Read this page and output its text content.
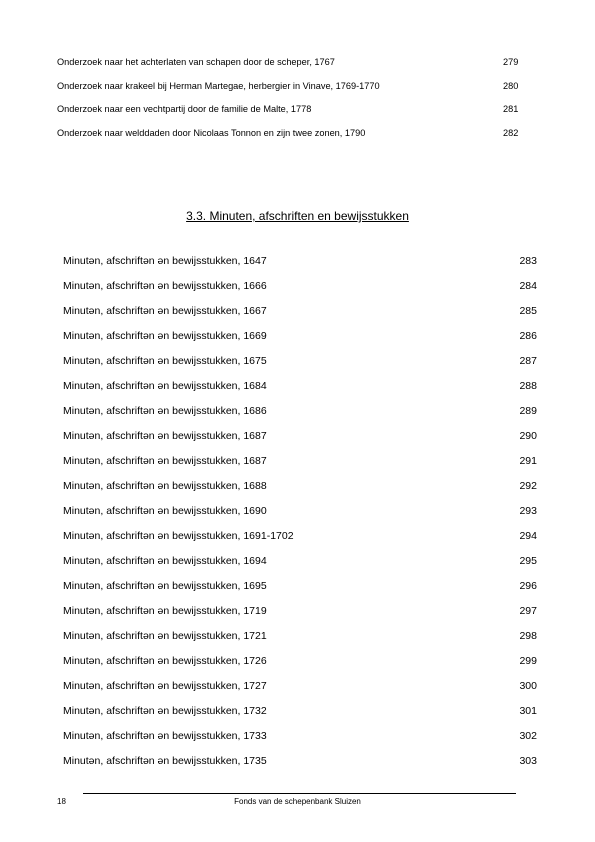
Onderzoek naar het achterlaten van schapen door de scheper, 1767	279
Onderzoek naar krakeel bij Herman Martegae, herbergier in Vinave, 1769-1770	280
Onderzoek naar een vechtpartij door de familie de Malte, 1778	281
Onderzoek naar welddaden door Nicolaas Tonnon en zijn twee zonen, 1790	282
3.3. Minuten, afschriften en bewijsstukken
Minutən, afschriftən ən bewijsstukken, 1647	283
Minutən, afschriftən ən bewijsstukken, 1666	284
Minutən, afschriftən ən bewijsstukken, 1667	285
Minutən, afschriftən ən bewijsstukken, 1669	286
Minutən, afschriftən ən bewijsstukken, 1675	287
Minutən, afschriftən ən bewijsstukken, 1684	288
Minutən, afschriftən ən bewijsstukken, 1686	289
Minutən, afschriftən ən bewijsstukken, 1687	290
Minutən, afschriftən ən bewijsstukken, 1687	291
Minutən, afschriftən ən bewijsstukken, 1688	292
Minutən, afschriftən ən bewijsstukken, 1690	293
Minutən, afschriftən ən bewijsstukken, 1691-1702	294
Minutən, afschriftən ən bewijsstukken, 1694	295
Minutən, afschriftən ən bewijsstukken, 1695	296
Minutən, afschriftən ən bewijsstukken, 1719	297
Minutən, afschriftən ən bewijsstukken, 1721	298
Minutən, afschriftən ən bewijsstukken, 1726	299
Minutən, afschriftən ən bewijsstukken, 1727	300
Minutən, afschriftən ən bewijsstukken, 1732	301
Minutən, afschriftən ən bewijsstukken, 1733	302
Minutən, afschriftən ən bewijsstukken, 1735	303
18	Fonds van de schepenbank Sluizen
